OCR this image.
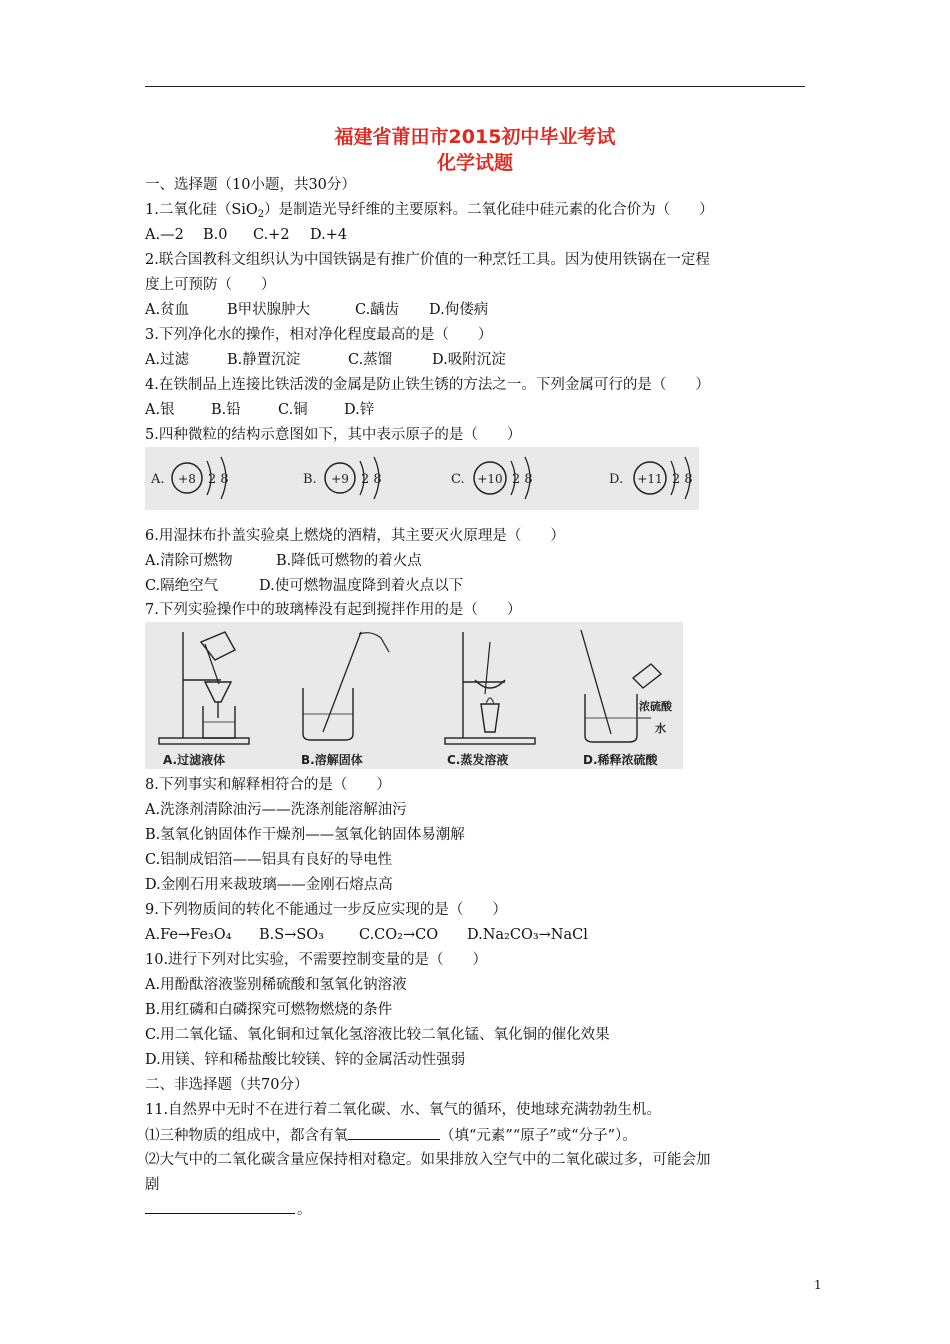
福建省莆田市2015初中毕业考试
化学试题
一、选择题（10小题，共30分）
1.二氧化硅（SiO$_2$）是制造光导纤维的主要原料。二氧化硅中硅元素的化合价为（　　）
A.—2 B.0 C.+2 D.+4
2.联合国教科文组织认为中国铁锅是有推广价值的一种烹饪工具。因为使用铁锅在一定程
度上可预防（　　）
A.贫血	B甲状腺肿大	C.龋齿 D.佝偻病
3.下列净化水的操作，相对净化程度最高的是（　　）
A.过滤	B.静置沉淀	C.蒸馏	D.吸附沉淀
4.在铁制品上连接比铁活泼的金属是防止铁生锈的方法之一。下列金属可行的是（　　）
A.银	B.铅	C.铜	D.锌
5.四种微粒的结构示意图如下，其中表示原子的是（　　）
A. +8 2 8	B. +9 2 8	C. +10 2 8	D. +11 2 8
6.用湿抹布扑盖实验桌上燃烧的酒精，其主要灭火原理是（　　）
A.清除可燃物	B.降低可燃物的着火点
C.隔绝空气	D.使可燃物温度降到着火点以下
7.下列实验操作中的玻璃棒没有起到搅拌作用的是（　　）
A.过滤液体	B.溶解固体	C.蒸发溶液	D.稀释浓硫酸
浓硫酸
水
8.下列事实和解释相符合的是（　　）
A.洗涤剂清除油污——洗涤剂能溶解油污
B.氢氧化钠固体作干燥剂——氢氧化钠固体易潮解
C.铝制成铝箔——铝具有良好的导电性
D.金刚石用来裁玻璃——金刚石熔点高
9.下列物质间的转化不能通过一步反应实现的是（　　）
A.Fe→Fe₃O₄ B.S→SO₃ C.CO₂→CO D.Na₂CO₃→NaCl
10.进行下列对比实验，不需要控制变量的是（　　）
A.用酚酞溶液鉴别稀硫酸和氢氧化钠溶液
B.用红磷和白磷探究可燃物燃烧的条件
C.用二氧化锰、氧化铜和过氧化氢溶液比较二氧化锰、氧化铜的催化效果
D.用镁、锌和稀盐酸比较镁、锌的金属活动性强弱
二、非选择题（共70分）
11.自然界中无时不在进行着二氧化碳、水、氧气的循环，使地球充满勃勃生机。
⑴三种物质的组成中，都含有氧	（填“元素”“原子”或“分子”）。
⑵大气中的二氧化碳含量应保持相对稳定。如果排放入空气中的二氧化碳过多，可能会加
剧
。
1
